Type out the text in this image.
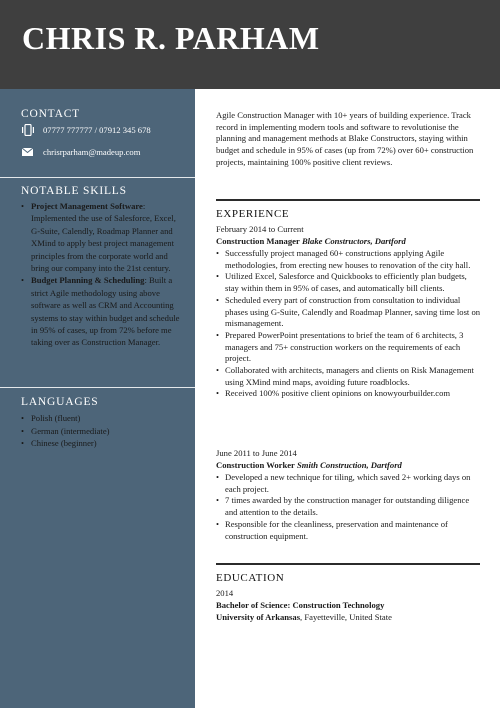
CHRIS R. PARHAM
CONTACT
07777 777777 / 07912 345 678
chrisrparham@madeup.com
NOTABLE SKILLS
LANGUAGES
• Project Management Software: Implemented the use of Salesforce, Excel, G-Suite, Calendly, Roadmap Planner and XMind to apply best project management principles from the corporate world and bring our company into the 21st century.
• Budget Planning & Scheduling: Built a strict Agile methodology using above software as well as CRM and Accounting systems to stay within budget and schedule in 95% of cases, up from 72% before me taking over as Construction Manager.
• Polish (fluent)
• German (intermediate)
• Chinese (beginner)
Agile Construction Manager with 10+ years of building experience. Track record in implementing modern tools and software to revolutionise the planning and management methods at Blake Constructors, staying within budget and schedule in 95% of cases (up from 72%) over 60+ construction projects, maintaining 100% positive client reviews.
EXPERIENCE
February 2014 to Current
Construction Manager Blake Constructors, Dartford
• Successfully project managed 60+ constructions applying Agile methodologies, from erecting new houses to renovation of the city hall.
• Utilized Excel, Salesforce and Quickbooks to efficiently plan budgets, stay within them in 95% of cases, and automatically bill clients.
• Scheduled every part of construction from consultation to individual phases using G-Suite, Calendly and Roadmap Planner, saving time lost on mismanagement.
• Prepared PowerPoint presentations to brief the team of 6 architects, 3 managers and 75+ construction workers on the requirements of each project.
• Collaborated with architects, managers and clients on Risk Management using XMind mind maps, avoiding future roadblocks.
• Received 100% positive client opinions on knowyourbuilder.com
June 2011 to June 2014
Construction Worker Smith Construction, Dartford
• Developed a new technique for tiling, which saved 2+ working days on each project.
• 7 times awarded by the construction manager for outstanding diligence and attention to the details.
• Responsible for the cleanliness, preservation and maintenance of construction equipment.
EDUCATION
2014
Bachelor of Science: Construction Technology
University of Arkansas, Fayetteville, United State
